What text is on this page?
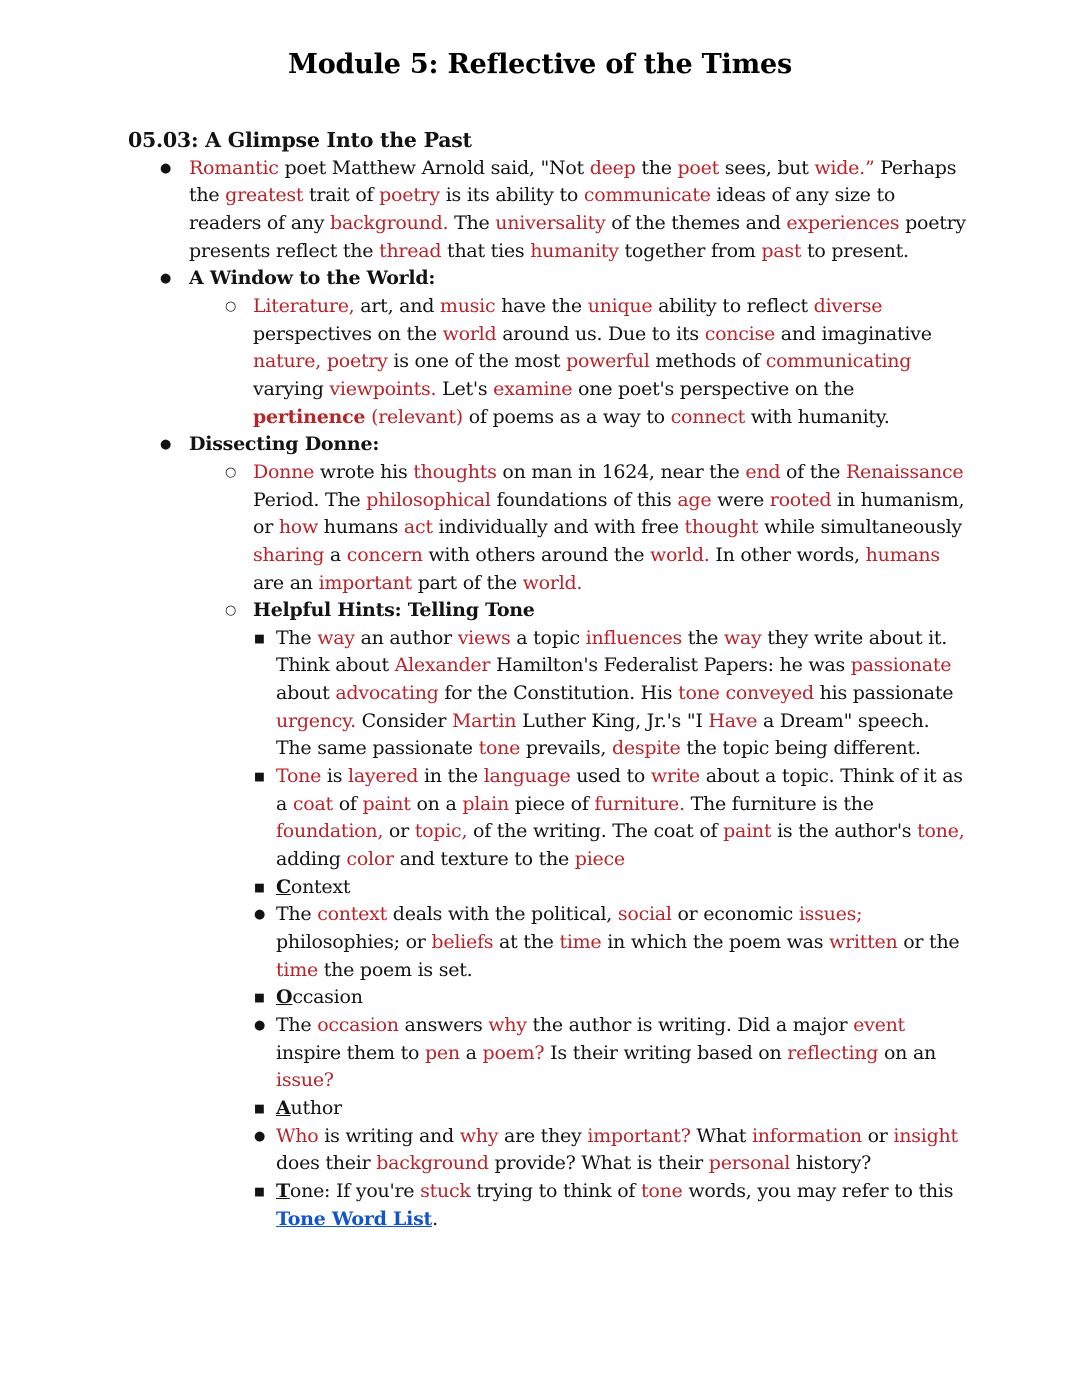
Module 5: Reflective of the Times
05.03: A Glimpse Into the Past
● Romantic poet Matthew Arnold said, "Not deep the poet sees, but wide.” Perhaps the greatest trait of poetry is its ability to communicate ideas of any size to readers of any background. The universality of the themes and experiences poetry presents reflect the thread that ties humanity together from past to present.
● A Window to the World:
○ Literature, art, and music have the unique ability to reflect diverse perspectives on the world around us. Due to its concise and imaginative nature, poetry is one of the most powerful methods of communicating varying viewpoints. Let's examine one poet's perspective on the pertinence (relevant) of poems as a way to connect with humanity.
● Dissecting Donne:
○ Donne wrote his thoughts on man in 1624, near the end of the Renaissance Period. The philosophical foundations of this age were rooted in humanism, or how humans act individually and with free thought while simultaneously sharing a concern with others around the world. In other words, humans are an important part of the world.
○ Helpful Hints: Telling Tone
■ The way an author views a topic influences the way they write about it. Think about Alexander Hamilton's Federalist Papers: he was passionate about advocating for the Constitution. His tone conveyed his passionate urgency. Consider Martin Luther King, Jr.'s "I Have a Dream" speech. The same passionate tone prevails, despite the topic being different.
■ Tone is layered in the language used to write about a topic. Think of it as a coat of paint on a plain piece of furniture. The furniture is the foundation, or topic, of the writing. The coat of paint is the author's tone, adding color and texture to the piece
■ Context
● The context deals with the political, social or economic issues; philosophies; or beliefs at the time in which the poem was written or the time the poem is set.
■ Occasion
● The occasion answers why the author is writing. Did a major event inspire them to pen a poem? Is their writing based on reflecting on an issue?
■ Author
● Who is writing and why are they important? What information or insight does their background provide? What is their personal history?
■ Tone: If you're stuck trying to think of tone words, you may refer to this Tone Word List.
